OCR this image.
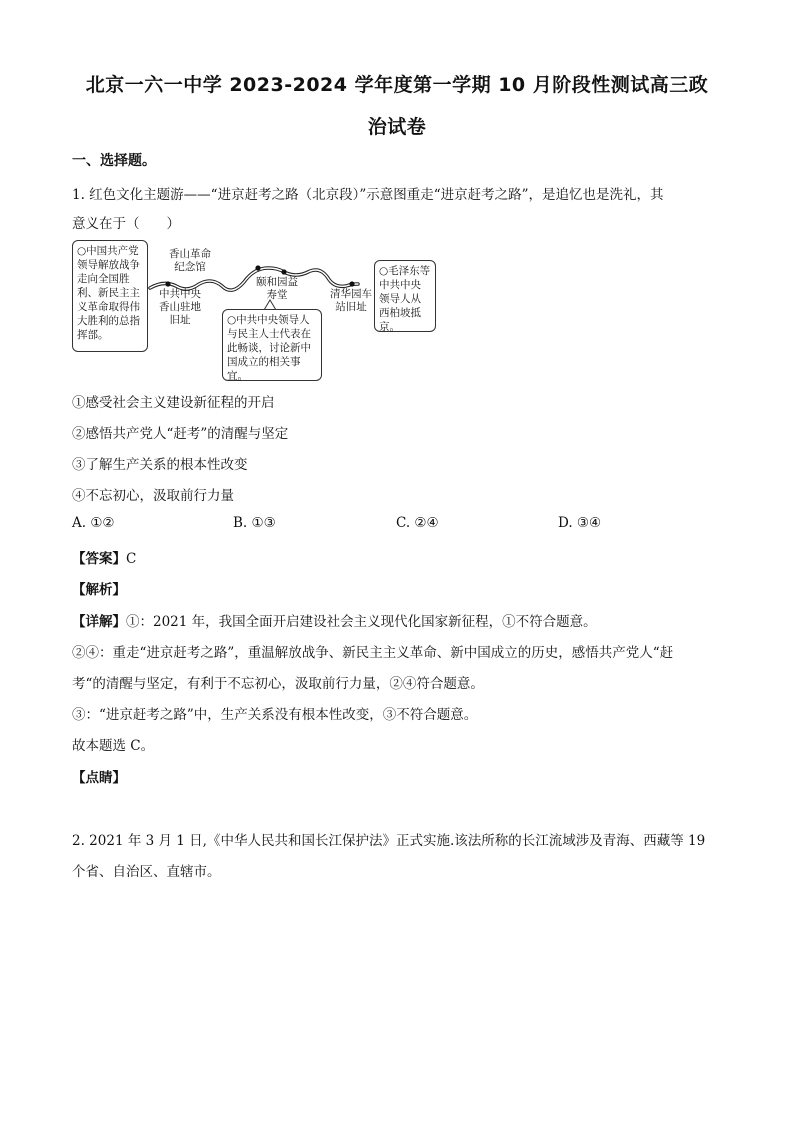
北京一六一中学 2023-2024 学年度第一学期 10 月阶段性测试高三政
治试卷
一、选择题。
1. 红色文化主题游——“进京赶考之路（北京段）”示意图重走“进京赶考之路”，是追忆也是洗礼，其
意义在于（　　）
○中国共产党领导解放战争走向全国胜利、新民主主义革命取得伟大胜利的总指挥部。
香山革命纪念馆
中共中央香山驻地旧址
颐和园益寿堂	清华园车站旧址
○中共中央领导人与民主人士代表在此畅谈，讨论新中国成立的相关事宜。
○毛泽东等中共中央领导人从西柏坡抵京。
①感受社会主义建设新征程的开启
②感悟共产党人“赶考”的清醒与坚定
③了解生产关系的根本性改变
④不忘初心，汲取前行力量
A. ①②	B. ①③	C. ②④	D. ③④
【答案】C
【解析】
【详解】①：2021 年，我国全面开启建设社会主义现代化国家新征程，①不符合题意。
②④：重走“进京赶考之路”，重温解放战争、新民主主义革命、新中国成立的历史，感悟共产党人“赶
考“的清醒与坚定，有利于不忘初心，汲取前行力量，②④符合题意。
③：“进京赶考之路”中，生产关系没有根本性改变，③不符合题意。
故本题选 C。
【点睛】
2. 2021 年 3 月 1 日,《中华人民共和国长江保护法》正式实施.该法所称的长江流域涉及青海、西藏等 19
个省、自治区、直辖市。
